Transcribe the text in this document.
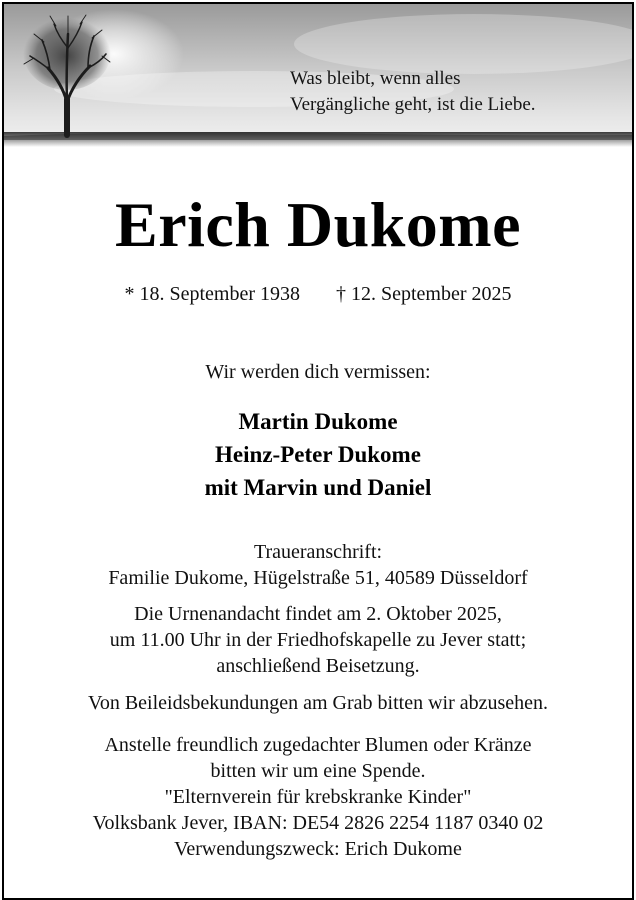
Was bleibt, wenn alles
Vergängliche geht, ist die Liebe.
Erich Dukome
* 18. September 1938 † 12. September 2025
Wir werden dich vermissen:
Martin Dukome
Heinz-Peter Dukome
mit Marvin und Daniel
Traueranschrift:
Familie Dukome, Hügelstraße 51, 40589 Düsseldorf
Die Urnenandacht findet am 2. Oktober 2025,
um 11.00 Uhr in der Friedhofskapelle zu Jever statt;
anschließend Beisetzung.
Von Beileidsbekundungen am Grab bitten wir abzusehen.
Anstelle freundlich zugedachter Blumen oder Kränze
bitten wir um eine Spende.
"Elternverein für krebskranke Kinder"
Volksbank Jever, IBAN: DE54 2826 2254 1187 0340 02
Verwendungszweck: Erich Dukome
